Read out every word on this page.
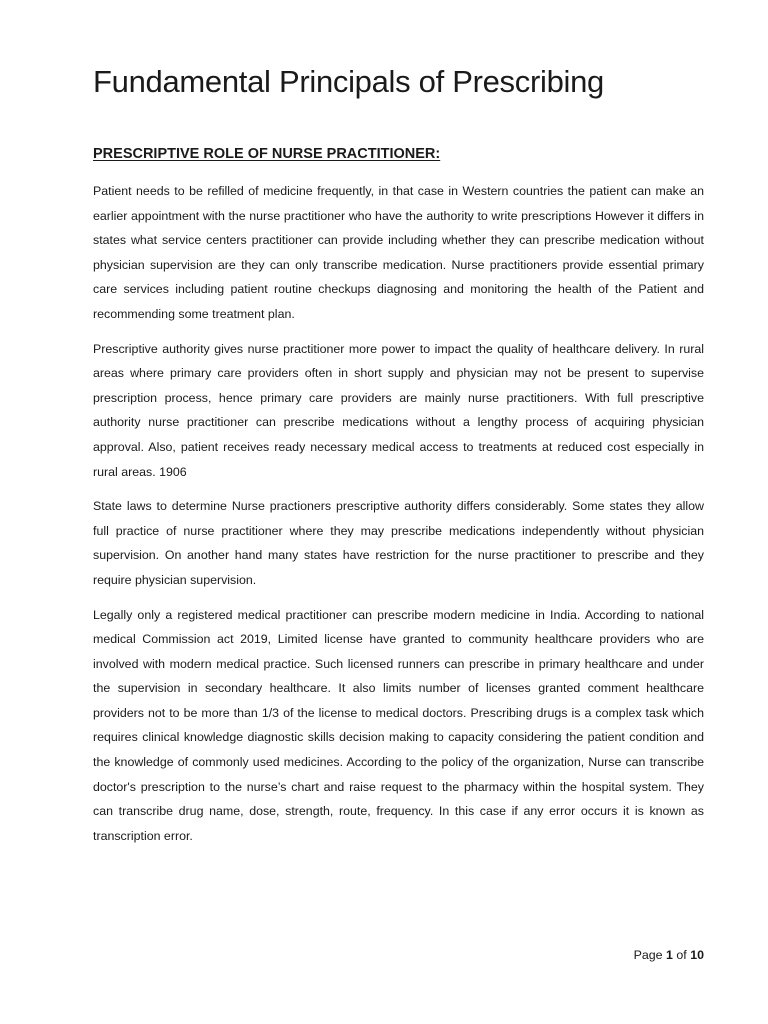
Fundamental Principals of Prescribing
PRESCRIPTIVE ROLE OF NURSE PRACTITIONER:

Patient needs to be refilled of medicine frequently, in that case in Western countries the patient can make an earlier appointment with the nurse practitioner who have the authority to write prescriptions However it differs in states what service centers practitioner can provide including whether they can prescribe medication without physician supervision are they can only transcribe medication. Nurse practitioners provide essential primary care services including patient routine checkups diagnosing and monitoring the health of the Patient and recommending some treatment plan.

Prescriptive authority gives nurse practitioner more power to impact the quality of healthcare delivery. In rural areas where primary care providers often in short supply and physician may not be present to supervise prescription process, hence primary care providers are mainly nurse practitioners. With full prescriptive authority nurse practitioner can prescribe medications without a lengthy process of acquiring physician approval. Also, patient receives ready necessary medical access to treatments at reduced cost especially in rural areas. 1906

State laws to determine Nurse practioners prescriptive authority differs considerably. Some states they allow full practice of nurse practitioner where they may prescribe medications independently without physician supervision. On another hand many states have restriction for the nurse practitioner to prescribe and they require physician supervision.

Legally only a registered medical practitioner can prescribe modern medicine in India. According to national medical Commission act 2019, Limited license have granted to community healthcare providers who are involved with modern medical practice. Such licensed runners can prescribe in primary healthcare and under the supervision in secondary healthcare. It also limits number of licenses granted comment healthcare providers not to be more than 1/3 of the license to medical doctors. Prescribing drugs is a complex task which requires clinical knowledge diagnostic skills decision making to capacity considering the patient condition and the knowledge of commonly used medicines. According to the policy of the organization, Nurse can transcribe doctor's prescription to the nurse’s chart and raise request to the pharmacy within the hospital system. They can transcribe drug name, dose, strength, route, frequency. In this case if any error occurs it is known as transcription error.

Page 1 of 10
